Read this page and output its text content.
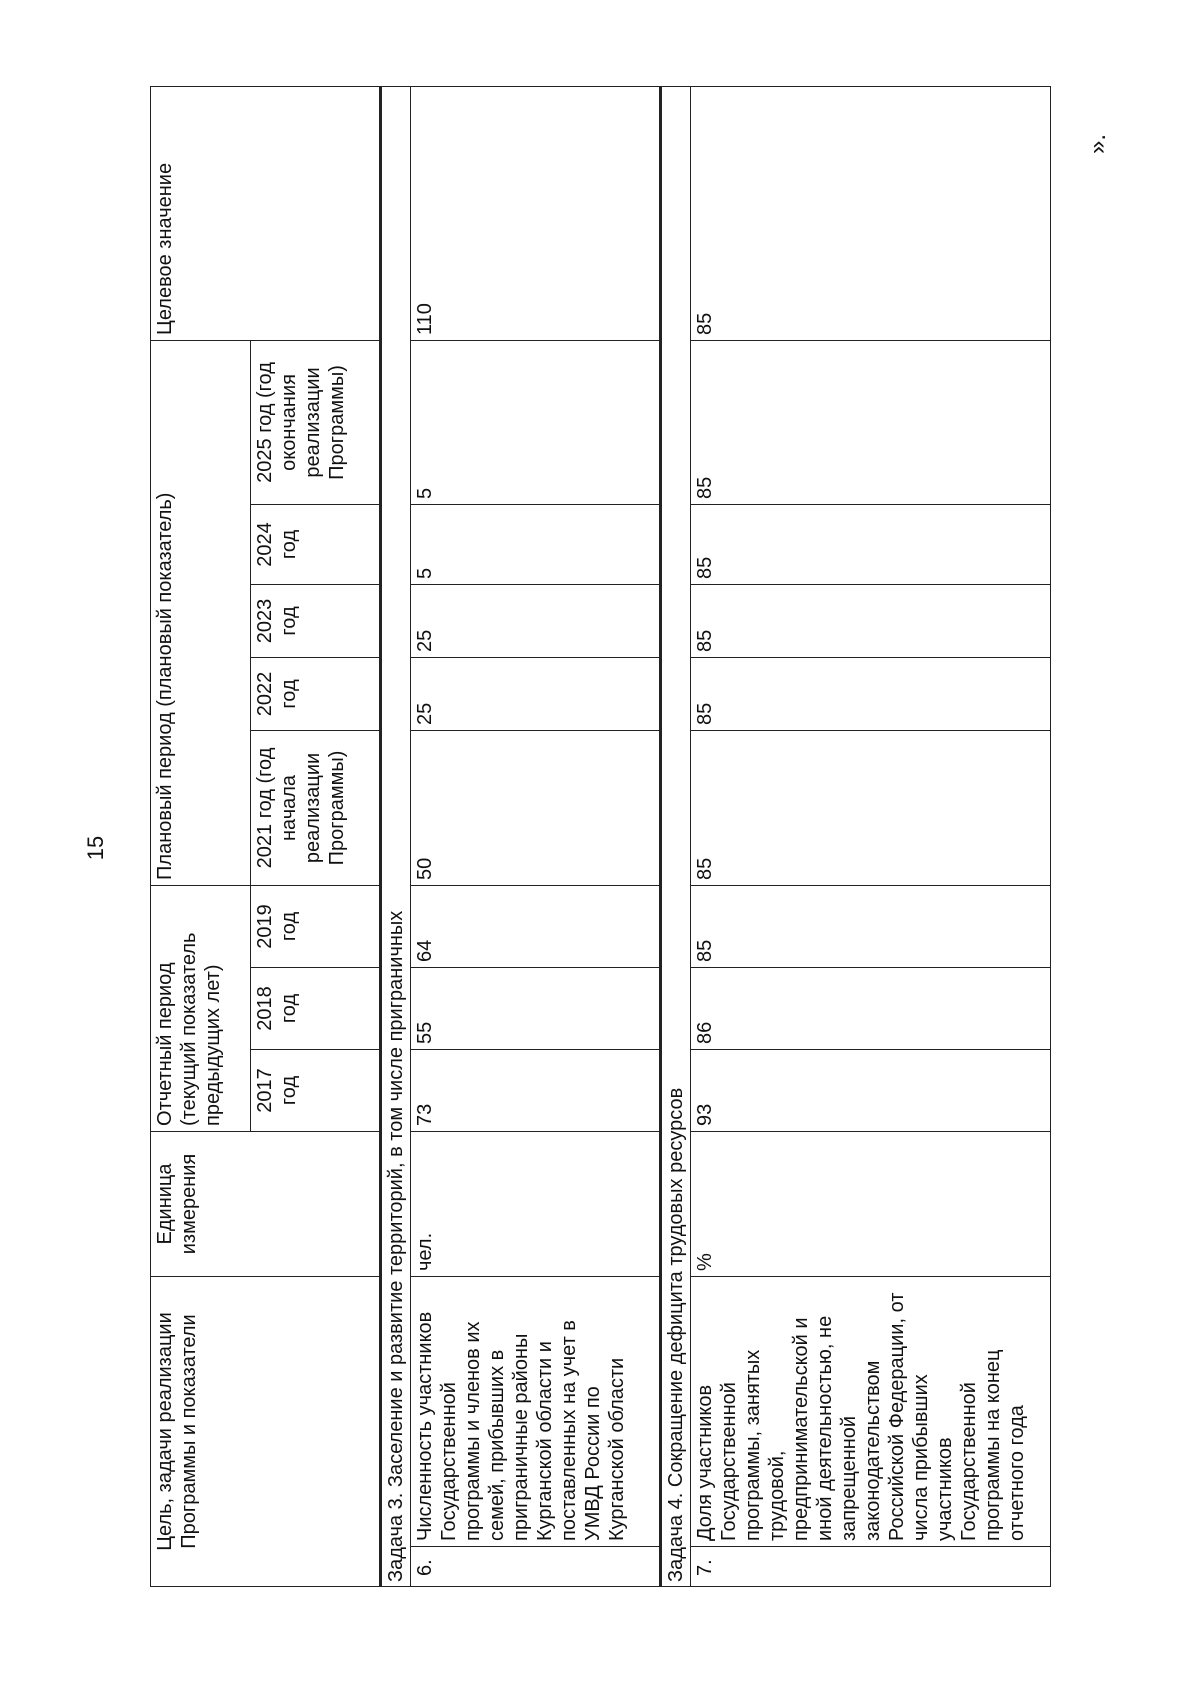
15
Цель, задачи реализации Программы и показатели		Единица измерения	Отчетный период (текущий показатель предыдущих лет)			Плановый период (плановый показатель)					Целевое значение
			2017 год	2018 год	2019 год	2021 год (год начала реализации Программы)	2022 год	2023 год	2024 год	2025 год (год окончания реализации Программы)	
Задача 3. Заселение и развитие территорий, в том числе приграничных											
6.	Численность участников Государственной программы и членов их семей, прибывших в приграничные районы Курганской области и поставленных на учет в УМВД России по Курганской области	чел.	73	55	64	50	25	25	5	5	110
Задача 4. Сокращение дефицита трудовых ресурсов											
7.	Доля участников Государственной программы, занятых трудовой, предпринимательской и иной деятельностью, не запрещенной законодательством Российской Федерации, от числа прибывших участников Государственной программы на конец отчетного года	%	93	86	85	85	85	85	85	85	85
».
